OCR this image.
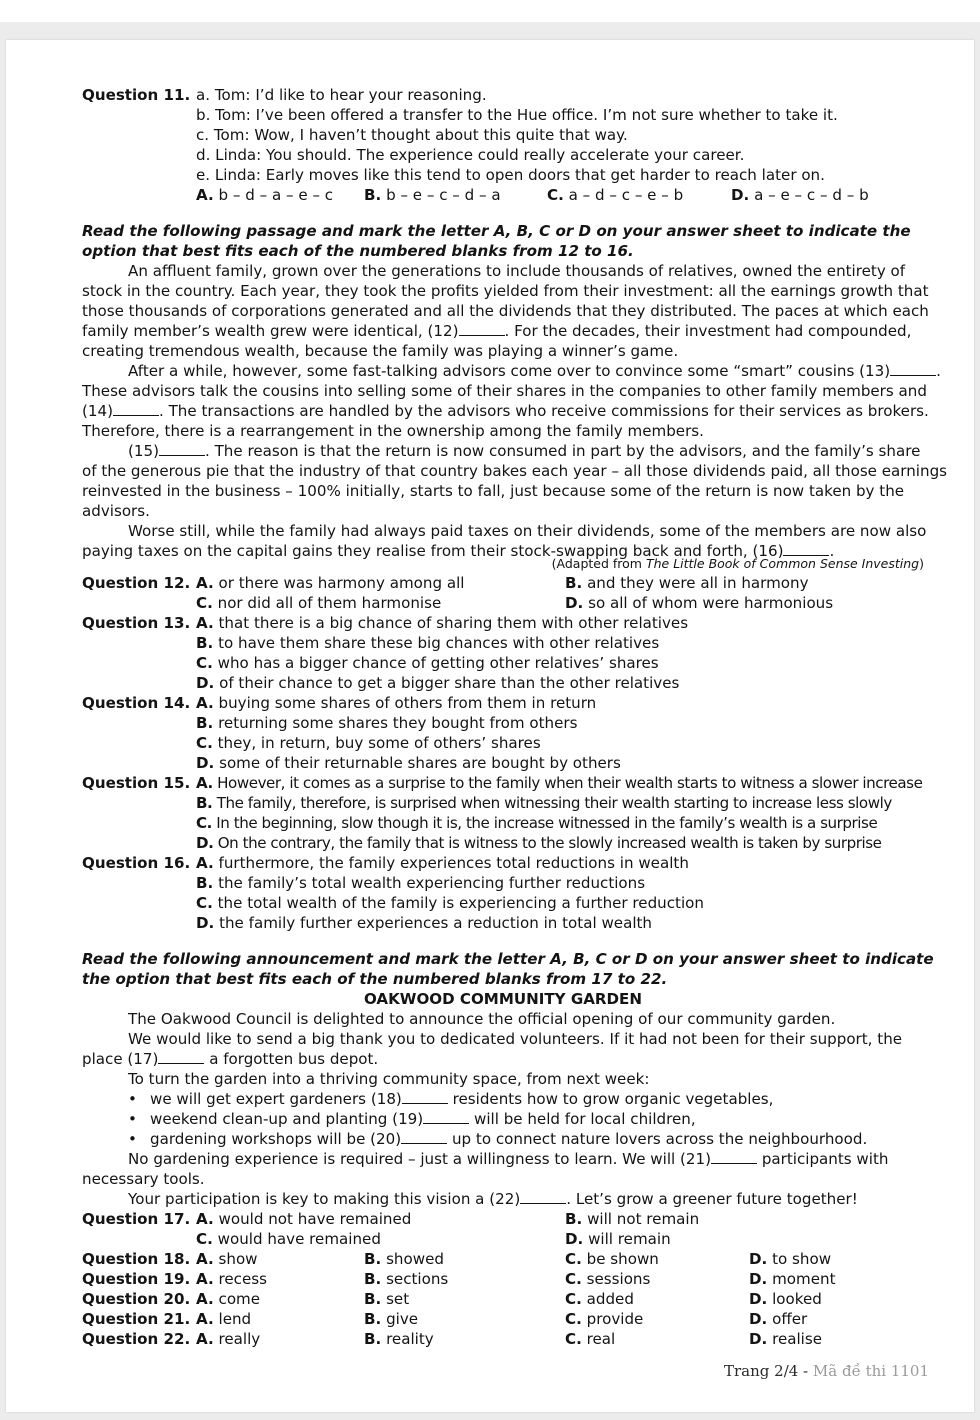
Question 11. a. Tom: I’d like to hear your reasoning.
b. Tom: I’ve been offered a transfer to the Hue office. I’m not sure whether to take it.
c. Tom: Wow, I haven’t thought about this quite that way.
d. Linda: You should. The experience could really accelerate your career.
e. Linda: Early moves like this tend to open doors that get harder to reach later on.
A. b – d – a – e – c	B. b – e – c – d – a	C. a – d – c – e – b	D. a – e – c – d – b
Read the following passage and mark the letter A, B, C or D on your answer sheet to indicate the
option that best fits each of the numbered blanks from 12 to 16.
An affluent family, grown over the generations to include thousands of relatives, owned the entirety of
stock in the country. Each year, they took the profits yielded from their investment: all the earnings growth that
those thousands of corporations generated and all the dividends that they distributed. The paces at which each
family member’s wealth grew were identical, (12)	. For the decades, their investment had compounded,
creating tremendous wealth, because the family was playing a winner’s game.
After a while, however, some fast-talking advisors come over to convince some “smart” cousins (13)	.
These advisors talk the cousins into selling some of their shares in the companies to other family members and
(14)	. The transactions are handled by the advisors who receive commissions for their services as brokers.
Therefore, there is a rearrangement in the ownership among the family members.
(15)	. The reason is that the return is now consumed in part by the advisors, and the family’s share
of the generous pie that the industry of that country bakes each year – all those dividends paid, all those earnings
reinvested in the business – 100% initially, starts to fall, just because some of the return is now taken by the
advisors.
Worse still, while the family had always paid taxes on their dividends, some of the members are now also
paying taxes on the capital gains they realise from their stock-swapping back and forth, (16)	.
(Adapted from The Little Book of Common Sense Investing)
Question 12. A. or there was harmony among all	B. and they were all in harmony
C. nor did all of them harmonise	D. so all of whom were harmonious
Question 13. A. that there is a big chance of sharing them with other relatives
B. to have them share these big chances with other relatives
C. who has a bigger chance of getting other relatives’ shares
D. of their chance to get a bigger share than the other relatives
Question 14. A. buying some shares of others from them in return
B. returning some shares they bought from others
C. they, in return, buy some of others’ shares
D. some of their returnable shares are bought by others
Question 15. A. However, it comes as a surprise to the family when their wealth starts to witness a slower increase
B. The family, therefore, is surprised when witnessing their wealth starting to increase less slowly
C. In the beginning, slow though it is, the increase witnessed in the family’s wealth is a surprise
D. On the contrary, the family that is witness to the slowly increased wealth is taken by surprise
Question 16. A. furthermore, the family experiences total reductions in wealth
B. the family’s total wealth experiencing further reductions
C. the total wealth of the family is experiencing a further reduction
D. the family further experiences a reduction in total wealth
Read the following announcement and mark the letter A, B, C or D on your answer sheet to indicate
the option that best fits each of the numbered blanks from 17 to 22.
OAKWOOD COMMUNITY GARDEN
The Oakwood Council is delighted to announce the official opening of our community garden.
We would like to send a big thank you to dedicated volunteers. If it had not been for their support, the
place (17)	a forgotten bus depot.
To turn the garden into a thriving community space, from next week:
• we will get expert gardeners (18)	residents how to grow organic vegetables,
• weekend clean-up and planting (19)	will be held for local children,
• gardening workshops will be (20)	up to connect nature lovers across the neighbourhood.
No gardening experience is required – just a willingness to learn. We will (21)	participants with
necessary tools.
Your participation is key to making this vision a (22)	. Let’s grow a greener future together!
Question 17. A. would not have remained	B. will not remain
C. would have remained	D. will remain
Question 18. A. show	B. showed	C. be shown	D. to show
Question 19. A. recess	B. sections	C. sessions	D. moment
Question 20. A. come	B. set	C. added	D. looked
Question 21. A. lend	B. give	C. provide	D. offer
Question 22. A. really	B. reality	C. real	D. realise
Trang 2/4 - Mã đề thi 1101
